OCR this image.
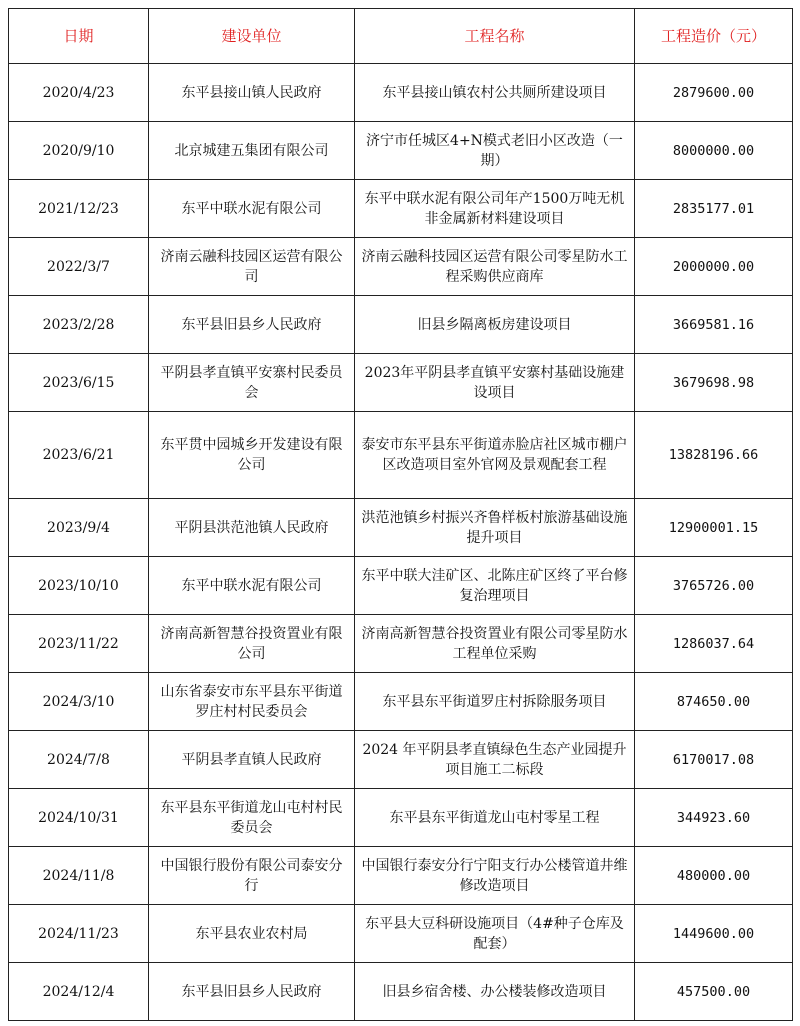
日期	建设单位	工程名称	工程造价（元）
2020/4/23	东平县接山镇人民政府	东平县接山镇农村公共厕所建设项目	2879600.00
2020/9/10	北京城建五集团有限公司	济宁市任城区4+N模式老旧小区改造（一期）	8000000.00
2021/12/23	东平中联水泥有限公司	东平中联水泥有限公司年产1500万吨无机非金属新材料建设项目	2835177.01
2022/3/7	济南云融科技园区运营有限公司	济南云融科技园区运营有限公司零星防水工程采购供应商库	2000000.00
2023/2/28	东平县旧县乡人民政府	旧县乡隔离板房建设项目	3669581.16
2023/6/15	平阴县孝直镇平安寨村民委员会	2023年平阴县孝直镇平安寨村基础设施建设项目	3679698.98
2023/6/21	东平贯中园城乡开发建设有限公司	泰安市东平县东平街道赤脸店社区城市棚户区改造项目室外官网及景观配套工程	13828196.66
2023/9/4	平阴县洪范池镇人民政府	洪范池镇乡村振兴齐鲁样板村旅游基础设施提升项目	12900001.15
2023/10/10	东平中联水泥有限公司	东平中联大洼矿区、北陈庄矿区终了平台修复治理项目	3765726.00
2023/11/22	济南高新智慧谷投资置业有限公司	济南高新智慧谷投资置业有限公司零星防水工程单位采购	1286037.64
2024/3/10	山东省泰安市东平县东平街道罗庄村村民委员会	东平县东平街道罗庄村拆除服务项目	874650.00
2024/7/8	平阴县孝直镇人民政府	2024 年平阴县孝直镇绿色生态产业园提升项目施工二标段	6170017.08
2024/10/31	东平县东平街道龙山屯村村民委员会	东平县东平街道龙山屯村零星工程	344923.60
2024/11/8	中国银行股份有限公司泰安分行	中国银行泰安分行宁阳支行办公楼管道井维修改造项目	480000.00
2024/11/23	东平县农业农村局	东平县大豆科研设施项目（4#种子仓库及配套）	1449600.00
2024/12/4	东平县旧县乡人民政府	旧县乡宿舍楼、办公楼装修改造项目	457500.00
